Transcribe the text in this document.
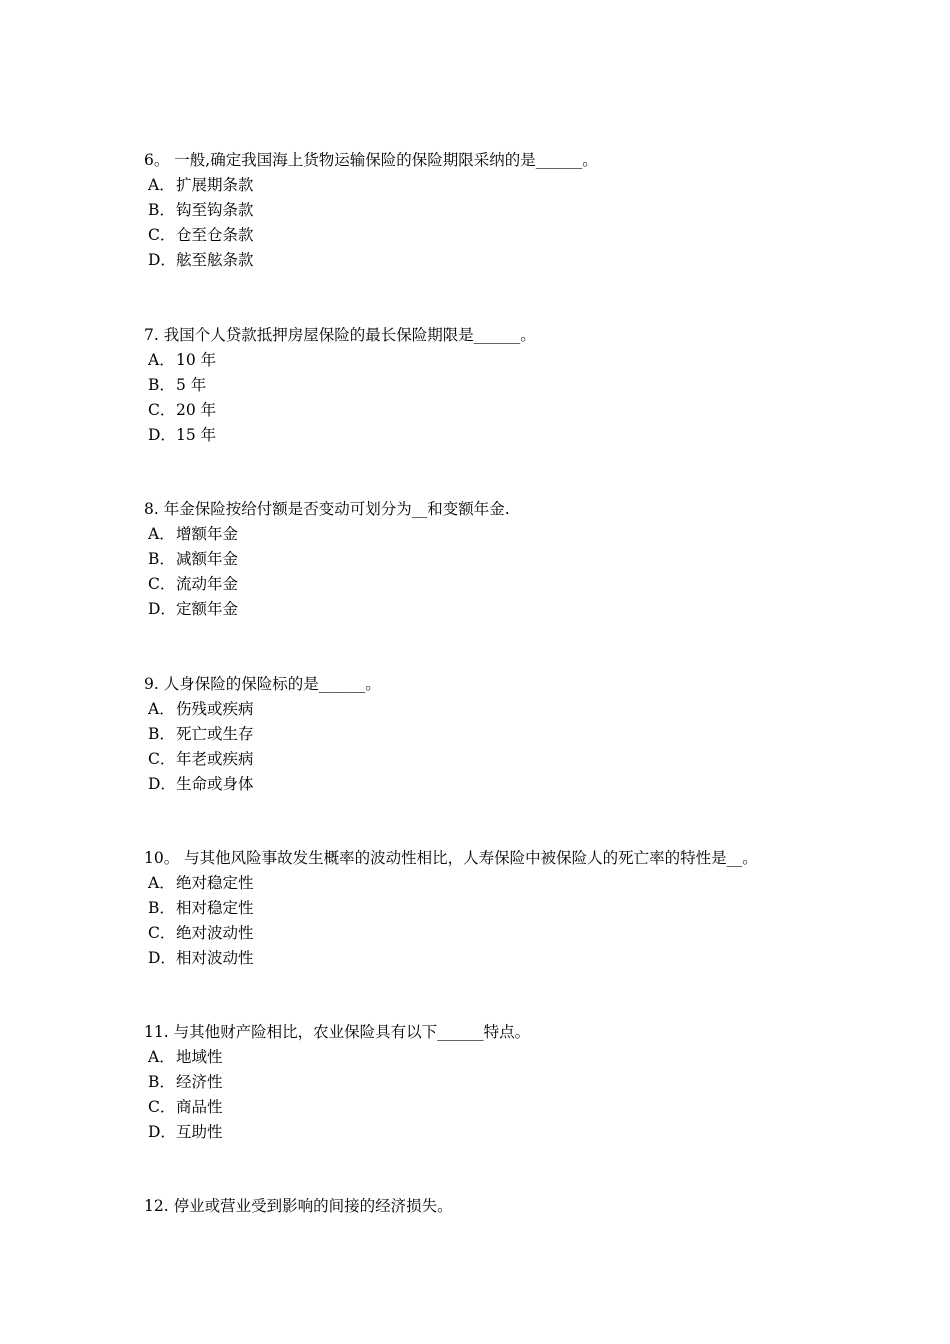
6。 一般,确定我国海上货物运输保险的保险期限采纳的是______。
A．扩展期条款
B．钩至钩条款
C．仓至仓条款
D．舷至舷条款
7. 我国个人贷款抵押房屋保险的最长保险期限是______。
A．10 年
B．5 年
C．20 年
D．15 年
8. 年金保险按给付额是否变动可划分为__和变额年金.
A．增额年金
B．减额年金
C．流动年金
D．定额年金
9. 人身保险的保险标的是______。
A．伤残或疾病
B．死亡或生存
C．年老或疾病
D．生命或身体
10。 与其他风险事故发生概率的波动性相比，人寿保险中被保险人的死亡率的特性是__。
A．绝对稳定性
B．相对稳定性
C．绝对波动性
D．相对波动性
11. 与其他财产险相比，农业保险具有以下______特点。
A．地域性
B．经济性
C．商品性
D．互助性
12. 停业或营业受到影响的间接的经济损失。
